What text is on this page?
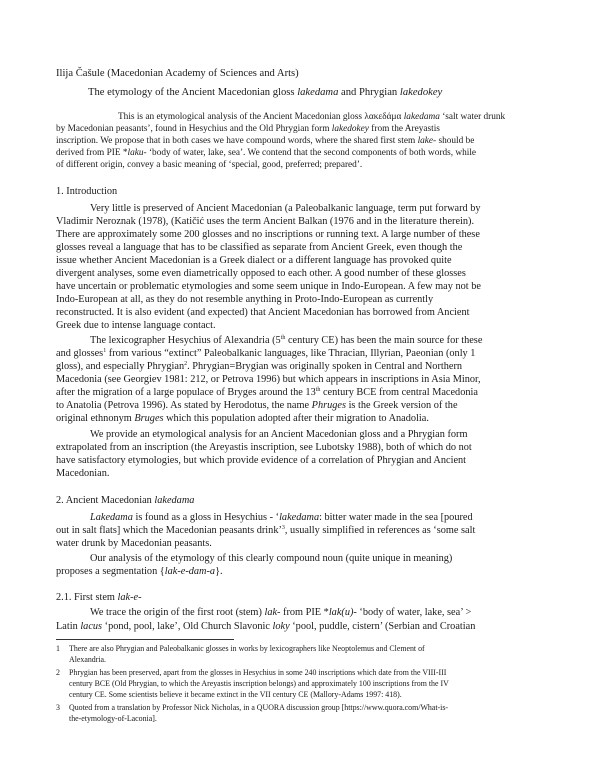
Ilija Čašule (Macedonian Academy of Sciences and Arts)
The etymology of the Ancient Macedonian gloss lakedama and Phrygian lakedokey
This is an etymological analysis of the Ancient Macedonian gloss λακεδάμα lakedama ‘salt water drunk
by Macedonian peasants’, found in Hesychius and the Old Phrygian form lakedokey from the Areyastis
inscription. We propose that in both cases we have compound words, where the shared first stem lake- should be
derived from PIE *laku- ‘body of water, lake, sea’. We contend that the second components of both words, while
of different origin, convey a basic meaning of ‘special, good, preferred; prepared’.
1. Introduction
Very little is preserved of Ancient Macedonian (a Paleobalkanic language, term put forward by
Vladimir Neroznak (1978), (Katičić uses the term Ancient Balkan (1976 and in the literature therein).
There are approximately some 200 glosses and no inscriptions or running text. A large number of these
glosses reveal a language that has to be classified as separate from Ancient Greek, even though the
issue whether Ancient Macedonian is a Greek dialect or a different language has provoked quite
divergent analyses, some even diametrically opposed to each other. A good number of these glosses
have uncertain or problematic etymologies and some seem unique in Indo-European. A few may not be
Indo-European at all, as they do not resemble anything in Proto-Indo-European as currently
reconstructed. It is also evident (and expected) that Ancient Macedonian has borrowed from Ancient
Greek due to intense language contact.
The lexicographer Hesychius of Alexandria (5th century CE) has been the main source for these
and glosses$^1$ from various “extinct” Paleobalkanic languages, like Thracian, Illyrian, Paeonian (only 1
gloss), and especially Phrygian$^2$. Phrygian=Brygian was originally spoken in Central and Northern
Macedonia (see Georgiev 1981: 212, or Petrova 1996) but which appears in inscriptions in Asia Minor,
after the migration of a large populace of Bryges around the 13th century BCE from central Macedonia
to Anatolia (Petrova 1996). As stated by Herodotus, the name Phruges is the Greek version of the
original ethnonym Bruges which this population adopted after their migration to Anadolia.
We provide an etymological analysis for an Ancient Macedonian gloss and a Phrygian form
extrapolated from an inscription (the Areyastis inscription, see Lubotsky 1988), both of which do not
have satisfactory etymologies, but which provide evidence of a correlation of Phrygian and Ancient
Macedonian.
2. Ancient Macedonian lakedama
Lakedama is found as a gloss in Hesychius - ‘lakedama: bitter water made in the sea [poured
out in salt flats] which the Macedonian peasants drink’$^3$, usually simplified in references as ‘some salt
water drunk by Macedonian peasants.
Our analysis of the etymology of this clearly compound noun (quite unique in meaning)
proposes a segmentation {lak-e-dam-a}.
2.1. First stem lak-e-
We trace the origin of the first root (stem) lak- from PIE *lak(u)- ‘body of water, lake, sea’ >
Latin lacus ‘pond, pool, lake’, Old Church Slavonic loky ‘pool, puddle, cistern’ (Serbian and Croatian
1 There are also Phrygian and Paleobalkanic glosses in works by lexicographers like Neoptolemus and Clement of
Alexandria.
2 Phrygian has been preserved, apart from the glosses in Hesychius in some 240 inscriptions which date from the VIII-III
century BCE (Old Phrygian, to which the Areyastis inscription belongs) and approximately 100 inscriptions from the IV
century CE. Some scientists believe it became extinct in the VII century CE (Mallory-Adams 1997: 418).
3 Quoted from a translation by Professor Nick Nicholas, in a QUORA discussion group [https://www.quora.com/What-is-
the-etymology-of-Laconia].
